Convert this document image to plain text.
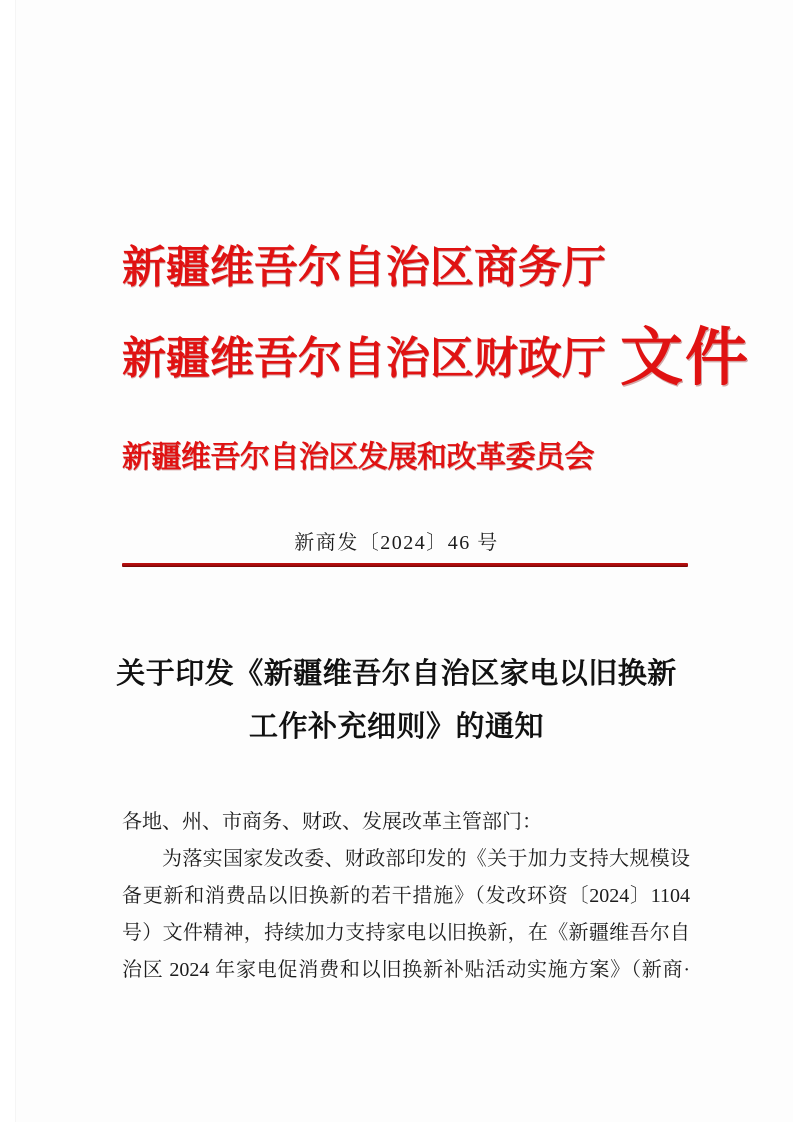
新疆维吾尔自治区商务厅
新疆维吾尔自治区财政厅 文件
新疆维吾尔自治区发展和改革委员会
新商发〔2024〕46 号
关于印发《新疆维吾尔自治区家电以旧换新
工作补充细则》的通知
各地、州、市商务、财政、发展改革主管部门：
为落实国家发改委、财政部印发的《关于加力支持大规模设
备更新和消费品以旧换新的若干措施》（发改环资〔2024〕1104
号）文件精神，持续加力支持家电以旧换新，在《新疆维吾尔自
治区 2024 年家电促消费和以旧换新补贴活动实施方案》（新商·
